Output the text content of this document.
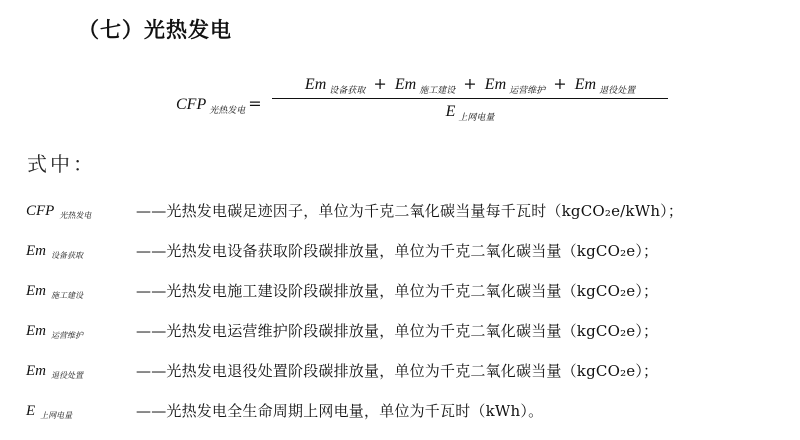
（七）光热发电
CFP $_{光热发电}$ =
Em $_{设备获取}$ + Em $_{施工建设}$ + Em $_{运营维护}$ + Em $_{退役处置}$
E $_{上网电量}$
式中：
CFP $_{光热发电}$	——光热发电碳足迹因子，单位为千克二氧化碳当量每千瓦时（kgCO₂e/kWh）；
Em $_{设备获取}$	——光热发电设备获取阶段碳排放量，单位为千克二氧化碳当量（kgCO₂e）；
Em $_{施工建设}$	——光热发电施工建设阶段碳排放量，单位为千克二氧化碳当量（kgCO₂e）；
Em $_{运营维护}$	——光热发电运营维护阶段碳排放量，单位为千克二氧化碳当量（kgCO₂e）；
Em $_{退役处置}$	——光热发电退役处置阶段碳排放量，单位为千克二氧化碳当量（kgCO₂e）；
E $_{上网电量}$	——光热发电全生命周期上网电量，单位为千瓦时（kWh）。
